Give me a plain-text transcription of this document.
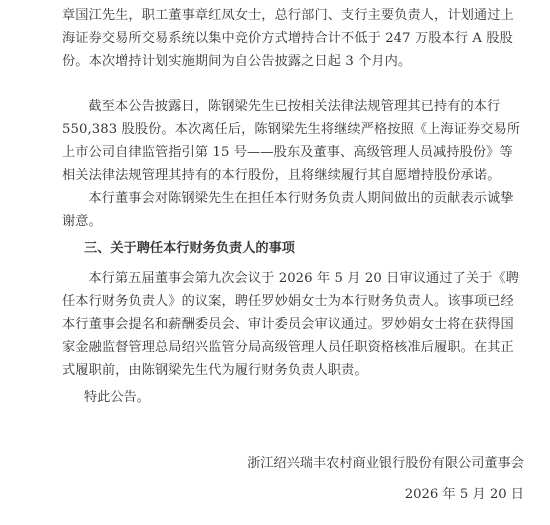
章国江先生，职工董事章红凤女士，总行部门、支行主要负责人，计划通过上海证券交易所交易系统以集中竞价方式增持合计不低于 247 万股本行 A 股股份。本次增持计划实施期间为自公告披露之日起 3 个月内。

截至本公告披露日，陈钢梁先生已按相关法律法规管理其已持有的本行 550,383 股股份。本次离任后，陈钢梁先生将继续严格按照《上海证券交易所上市公司自律监管指引第 15 号——股东及董事、高级管理人员减持股份》等相关法律法规管理其持有的本行股份，且将继续履行其自愿增持股份承诺。

本行董事会对陈钢梁先生在担任本行财务负责人期间做出的贡献表示诚挚谢意。

三、关于聘任本行财务负责人的事项

本行第五届董事会第九次会议于 2026 年 5 月 20 日审议通过了关于《聘任本行财务负责人》的议案，聘任罗妙娟女士为本行财务负责人。该事项已经本行董事会提名和薪酬委员会、审计委员会审议通过。罗妙娟女士将在获得国家金融监督管理总局绍兴监管分局高级管理人员任职资格核准后履职。在其正式履职前，由陈钢梁先生代为履行财务负责人职责。

特此公告。

浙江绍兴瑞丰农村商业银行股份有限公司董事会

2026 年 5 月 20 日
